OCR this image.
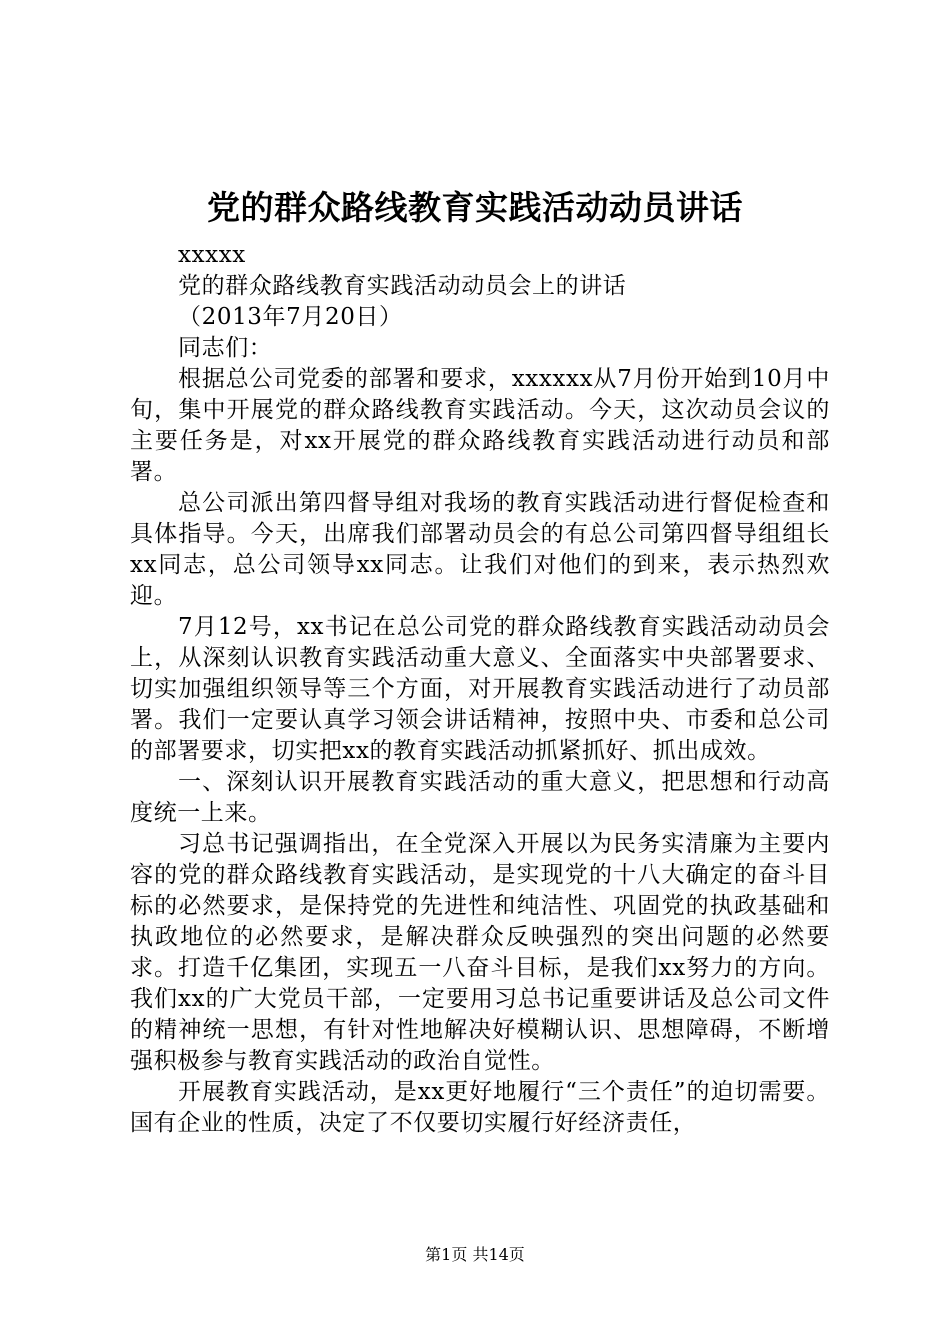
党的群众路线教育实践活动动员讲话

xxxxx

党的群众路线教育实践活动动员会上的讲话

（2013年7月20日）

同志们：

根据总公司党委的部署和要求，xxxxxx从7月份开始到10月中旬，集中开展党的群众路线教育实践活动。今天，这次动员会议的主要任务是，对xx开展党的群众路线教育实践活动进行动员和部署。

总公司派出第四督导组对我场的教育实践活动进行督促检查和具体指导。今天，出席我们部署动员会的有总公司第四督导组组长xx同志，总公司领导xx同志。让我们对他们的到来，表示热烈欢迎。

7月12号，xx书记在总公司党的群众路线教育实践活动动员会上，从深刻认识教育实践活动重大意义、全面落实中央部署要求、切实加强组织领导等三个方面，对开展教育实践活动进行了动员部署。我们一定要认真学习领会讲话精神，按照中央、市委和总公司的部署要求，切实把xx的教育实践活动抓紧抓好、抓出成效。

一、深刻认识开展教育实践活动的重大意义，把思想和行动高度统一上来。

习总书记强调指出，在全党深入开展以为民务实清廉为主要内容的党的群众路线教育实践活动，是实现党的十八大确定的奋斗目标的必然要求，是保持党的先进性和纯洁性、巩固党的执政基础和执政地位的必然要求，是解决群众反映强烈的突出问题的必然要求。打造千亿集团，实现五一八奋斗目标，是我们xx努力的方向。我们xx的广大党员干部，一定要用习总书记重要讲话及总公司文件的精神统一思想，有针对性地解决好模糊认识、思想障碍，不断增强积极参与教育实践活动的政治自觉性。

开展教育实践活动，是xx更好地履行“三个责任”的迫切需要。国有企业的性质，决定了不仅要切实履行好经济责任，

第1页 共14页
